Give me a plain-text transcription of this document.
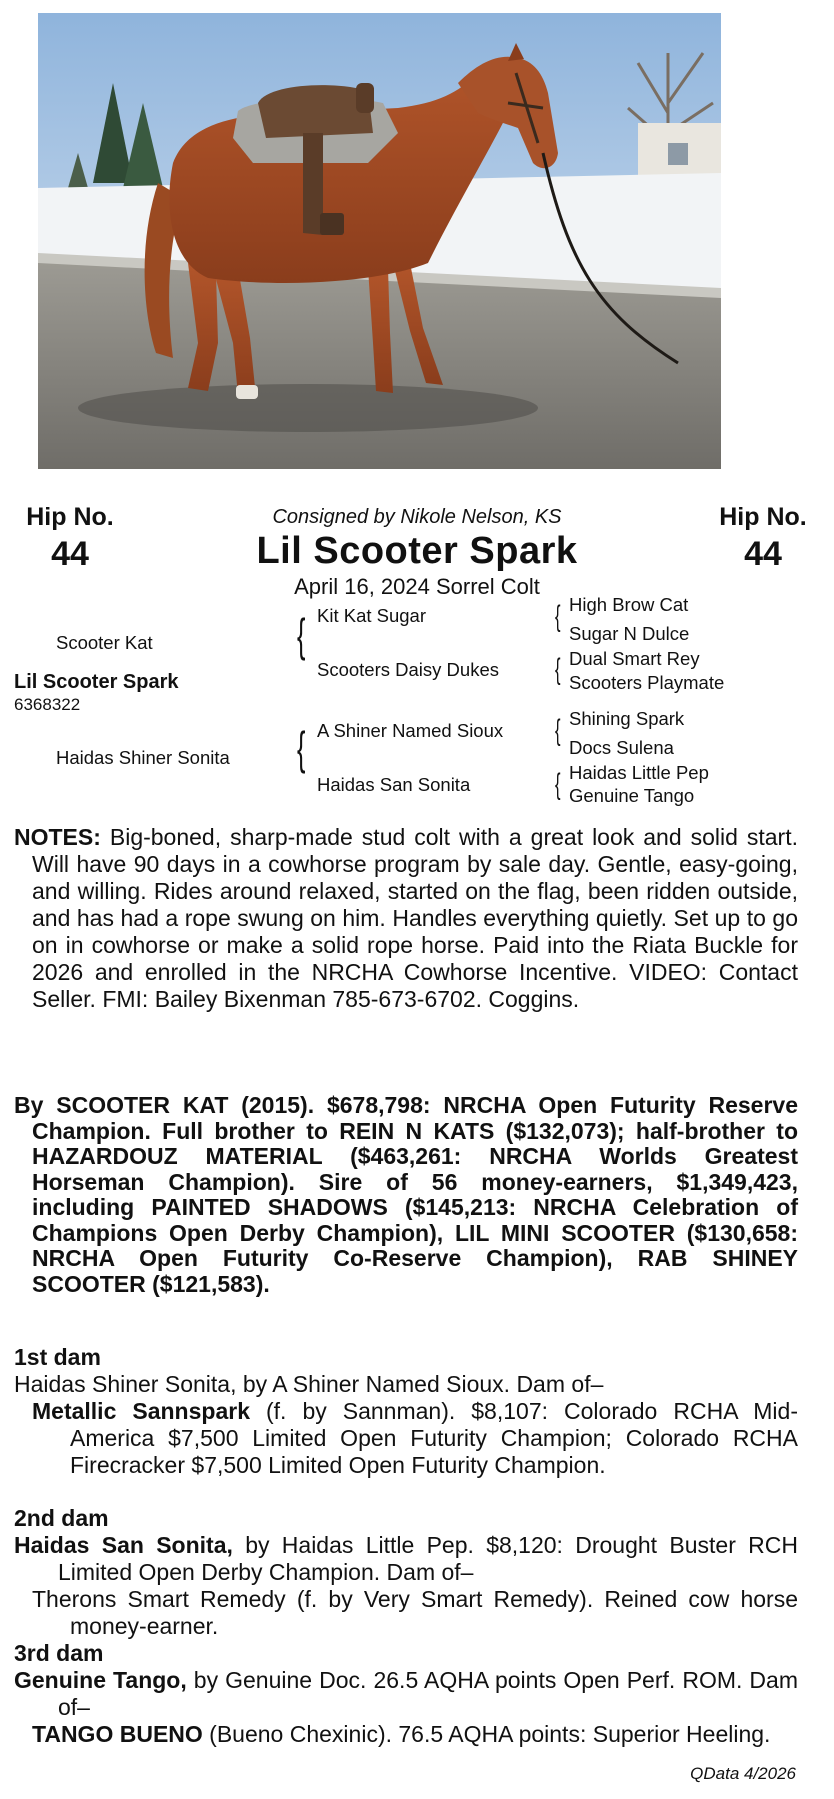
Hip No.
44
Consigned by Nikole Nelson, KS
Lil Scooter Spark
April 16, 2024 Sorrel Colt
Hip No.
44
Scooter Kat
Lil Scooter Spark
6368322
Haidas Shiner Sonita
{ Kit Kat Sugar
Scooters Daisy Dukes
{ A Shiner Named Sioux
Haidas San Sonita
{ High Brow Cat
Sugar N Dulce
{ Dual Smart Rey
Scooters Playmate
{ Shining Spark
Docs Sulena
{ Haidas Little Pep
Genuine Tango
NOTES: Big-boned, sharp-made stud colt with a great look and solid start. Will have 90 days in a cowhorse program by sale day. Gentle, easy-going, and willing. Rides around relaxed, started on the flag, been ridden outside, and has had a rope swung on him. Handles everything quietly. Set up to go on in cowhorse or make a solid rope horse. Paid into the Riata Buckle for 2026 and enrolled in the NRCHA Cowhorse Incentive. VIDEO: Contact Seller. FMI: Bailey Bixenman 785-673-6702. Coggins.
By SCOOTER KAT (2015). $678,798: NRCHA Open Futurity Reserve Champion. Full brother to REIN N KATS ($132,073); half-brother to HAZARDOUZ MATERIAL ($463,261: NRCHA Worlds Greatest Horseman Champion). Sire of 56 money-earners, $1,349,423, including PAINTED SHADOWS ($145,213: NRCHA Celebration of Champions Open Derby Champion), LIL MINI SCOOTER ($130,658: NRCHA Open Futurity Co-Reserve Champion), RAB SHINEY SCOOTER ($121,583).
1st dam
Haidas Shiner Sonita, by A Shiner Named Sioux. Dam of–
Metallic Sannspark (f. by Sannman). $8,107: Colorado RCHA Mid-America $7,500 Limited Open Futurity Champion; Colorado RCHA Firecracker $7,500 Limited Open Futurity Champion.
2nd dam
Haidas San Sonita, by Haidas Little Pep. $8,120: Drought Buster RCH Limited Open Derby Champion. Dam of–
Therons Smart Remedy (f. by Very Smart Remedy). Reined cow horse money-earner.
3rd dam
Genuine Tango, by Genuine Doc. 26.5 AQHA points Open Perf. ROM. Dam of–
TANGO BUENO (Bueno Chexinic). 76.5 AQHA points: Superior Heeling.
QData 4/2026
